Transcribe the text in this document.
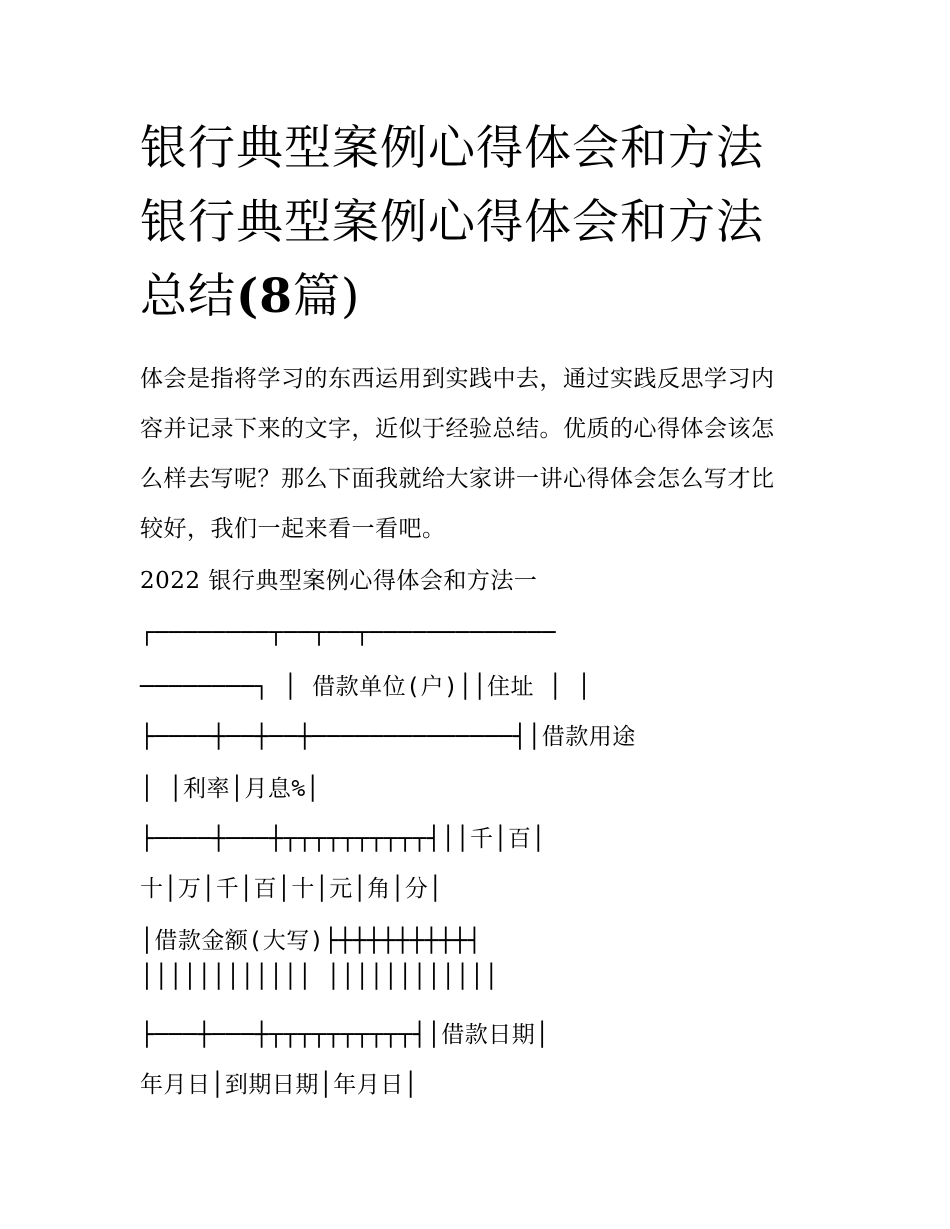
银行典型案例心得体会和方法
银行典型案例心得体会和方法
总结(8篇)
体会是指将学习的东西运用到实践中去，通过实践反思学习内
容并记录下来的文字，近似于经验总结。优质的心得体会该怎
么样去写呢？那么下面我就给大家讲一讲心得体会怎么写才比
较好，我们一起来看一看吧。
2022 银行典型案例心得体会和方法一
┌────────┬──┬──┬─────────────
────────┐ │ 借款单位(户)││住址 │ │
├────┼──┼──┼──────────────┤│借款用途
│ │利率│月息%│
├────┼───┼┬┬┬┬┬┬┬┬┬┬┤││千│百│
十│万│千│百│十│元│角│分│
│借款金额(大写)├┼┼┼┼┼┼┼┼┼┤
││││││││││││ ││││││││││││
├───┼───┼┬┬┬┬┬┬┬┬┬┬┤│借款日期│
年月日│到期日期│年月日│
